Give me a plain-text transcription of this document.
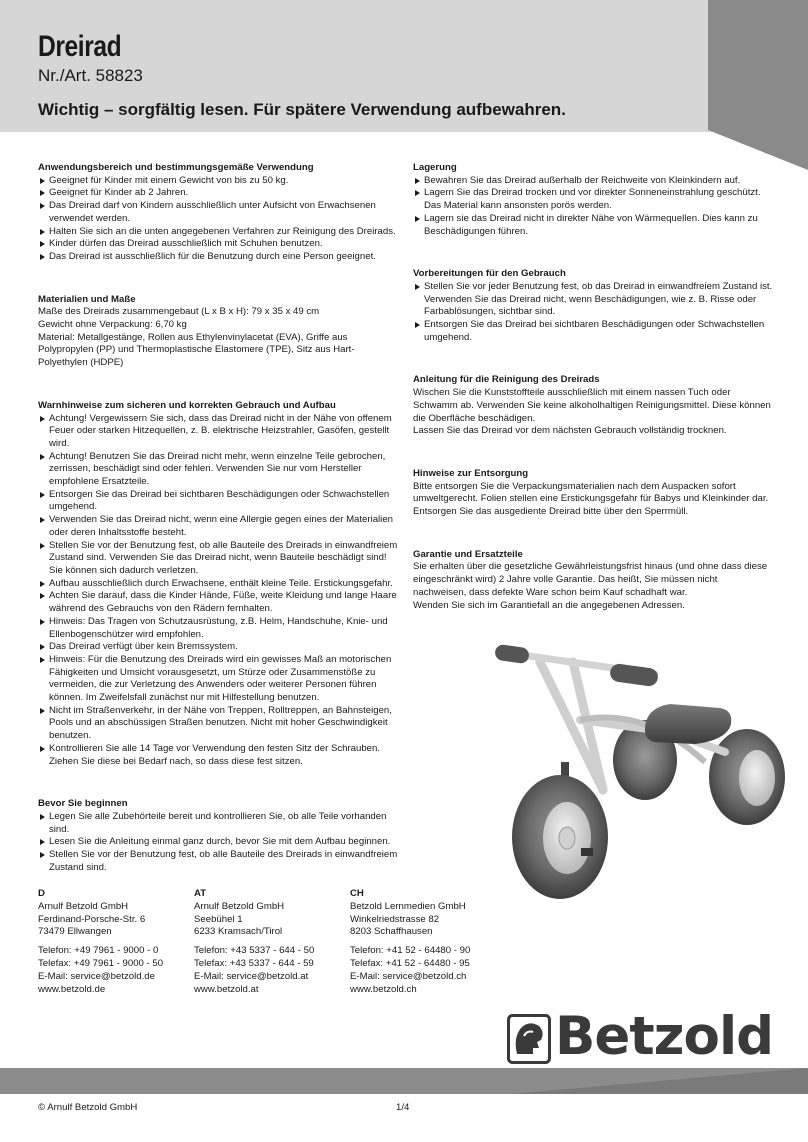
Dreirad
Nr./Art. 58823
Wichtig – sorgfältig lesen. Für spätere Verwendung aufbewahren.
Anwendungsbereich und bestimmungsgemäße Verwendung
Geeignet für Kinder mit einem Gewicht von bis zu 50 kg.
Geeignet für Kinder ab 2 Jahren.
Das Dreirad darf von Kindern ausschließlich unter Aufsicht von Erwachsenen verwendet werden.
Halten Sie sich an die unten angegebenen Verfahren zur Reinigung des Dreirads.
Kinder dürfen das Dreirad ausschließlich mit Schuhen benutzen.
Das Dreirad ist ausschließlich für die Benutzung durch eine Person geeignet.
Materialien und Maße

Maße des Dreirads zusammengebaut (L x B x H): 79 x 35 x 49 cm

Gewicht ohne Verpackung: 6,70 kg

Material: Metallgestänge, Rollen aus Ethylenvinylacetat (EVA), Griffe aus Polypropylen (PP) und Thermoplastische Elastomere (TPE), Sitz aus Hart-Polyethylen (HDPE)

Warnhinweise zum sicheren und korrekten Gebrauch und Aufbau
Achtung! Vergewissern Sie sich, dass das Dreirad nicht in der Nähe von offenem Feuer oder starken Hitzequellen, z. B. elektrische Heizstrahler, Gasöfen, gestellt wird.
Achtung! Benutzen Sie das Dreirad nicht mehr, wenn einzelne Teile gebrochen, zerrissen, beschädigt sind oder fehlen. Verwenden Sie nur vom Hersteller empfohlene Ersatzteile.
Entsorgen Sie das Dreirad bei sichtbaren Beschädigungen oder Schwachstellen umgehend.
Verwenden Sie das Dreirad nicht, wenn eine Allergie gegen eines der Materialien oder deren Inhaltsstoffe besteht.
Stellen Sie vor der Benutzung fest, ob alle Bauteile des Dreirads in einwandfreiem Zustand sind. Verwenden Sie das Dreirad nicht, wenn Bauteile beschädigt sind! Sie können sich dadurch verletzen.
Aufbau ausschließlich durch Erwachsene, enthält kleine Teile. Erstickungsgefahr.
Achten Sie darauf, dass die Kinder Hände, Füße, weite Kleidung und lange Haare während des Gebrauchs von den Rädern fernhalten.
Hinweis: Das Tragen von Schutzausrüstung, z.B. Helm, Handschuhe, Knie- und Ellenbogenschützer wird empfohlen.
Das Dreirad verfügt über kein Bremssystem.
Hinweis: Für die Benutzung des Dreirads wird ein gewisses Maß an motorischen Fähigkeiten und Umsicht vorausgesetzt, um Stürze oder Zusammenstöße zu vermeiden, die zur Verletzung des Anwenders oder weiterer Personen führen können. Im Zweifelsfall zunächst nur mit Hilfestellung benutzen.
Nicht im Straßenverkehr, in der Nähe von Treppen, Rolltreppen, an Bahnsteigen, Pools und an abschüssigen Straßen benutzen. Nicht mit hoher Geschwindigkeit benutzen.
Kontrollieren Sie alle 14 Tage vor Verwendung den festen Sitz der Schrauben. Ziehen Sie diese bei Bedarf nach, so dass diese fest sitzen.
Bevor Sie beginnen
Legen Sie alle Zubehörteile bereit und kontrollieren Sie, ob alle Teile vorhanden sind.
Lesen Sie die Anleitung einmal ganz durch, bevor Sie mit dem Aufbau beginnen.
Stellen Sie vor der Benutzung fest, ob alle Bauteile des Dreirads in einwandfreiem Zustand sind.
Lagerung
Bewahren Sie das Dreirad außerhalb der Reichweite von Kleinkindern auf.
Lagern Sie das Dreirad trocken und vor direkter Sonneneinstrahlung geschützt. Das Material kann ansonsten porös werden.
Lagern sie das Dreirad nicht in direkter Nähe von Wärmequellen. Dies kann zu Beschädigungen führen.
Vorbereitungen für den Gebrauch
Stellen Sie vor jeder Benutzung fest, ob das Dreirad in einwandfreiem Zustand ist. Verwenden Sie das Dreirad nicht, wenn Beschädigungen, wie z. B. Risse oder Farbablösungen, sichtbar sind.
Entsorgen Sie das Dreirad bei sichtbaren Beschädigungen oder Schwachstellen umgehend.
Anleitung für die Reinigung des Dreirads

Wischen Sie die Kunststoffteile ausschließlich mit einem nassen Tuch oder Schwamm ab. Verwenden Sie keine alkoholhaltigen Reinigungsmittel. Diese können die Oberfläche beschädigen.

Lassen Sie das Dreirad vor dem nächsten Gebrauch vollständig trocknen.

Hinweise zur Entsorgung

Bitte entsorgen Sie die Verpackungsmaterialien nach dem Auspacken sofort umweltgerecht. Folien stellen eine Erstickungsgefahr für Babys und Kleinkinder dar. Entsorgen Sie das ausgediente Dreirad bitte über den Sperrmüll.

Garantie und Ersatzteile

Sie erhalten über die gesetzliche Gewährleistungsfrist hinaus (und ohne dass diese eingeschränkt wird) 2 Jahre volle Garantie. Das heißt, Sie müssen nicht nachweisen, dass defekte Ware schon beim Kauf schadhaft war.

Wenden Sie sich im Garantiefall an die angegebenen Adressen.

D
Arnulf Betzold GmbH
Ferdinand-Porsche-Str. 6
73479 Ellwangen
Telefon: +49 7961 - 9000 - 0
Telefax: +49 7961 - 9000 - 50
E-Mail: service@betzold.de
www.betzold.de
AT
Arnulf Betzold GmbH
Seebühel 1
6233 Kramsach/Tirol
Telefon: +43 5337 - 644 - 50
Telefax: +43 5337 - 644 - 59
E-Mail: service@betzold.at
www.betzold.at
CH
Betzold Lernmedien GmbH
Winkelriedstrasse 82
8203 Schaffhausen
Telefon: +41 52 - 64480 - 90
Telefax: +41 52 - 64480 - 95
E-Mail: service@betzold.ch
www.betzold.ch
Betzold
© Arnulf Betzold GmbH	1/4
